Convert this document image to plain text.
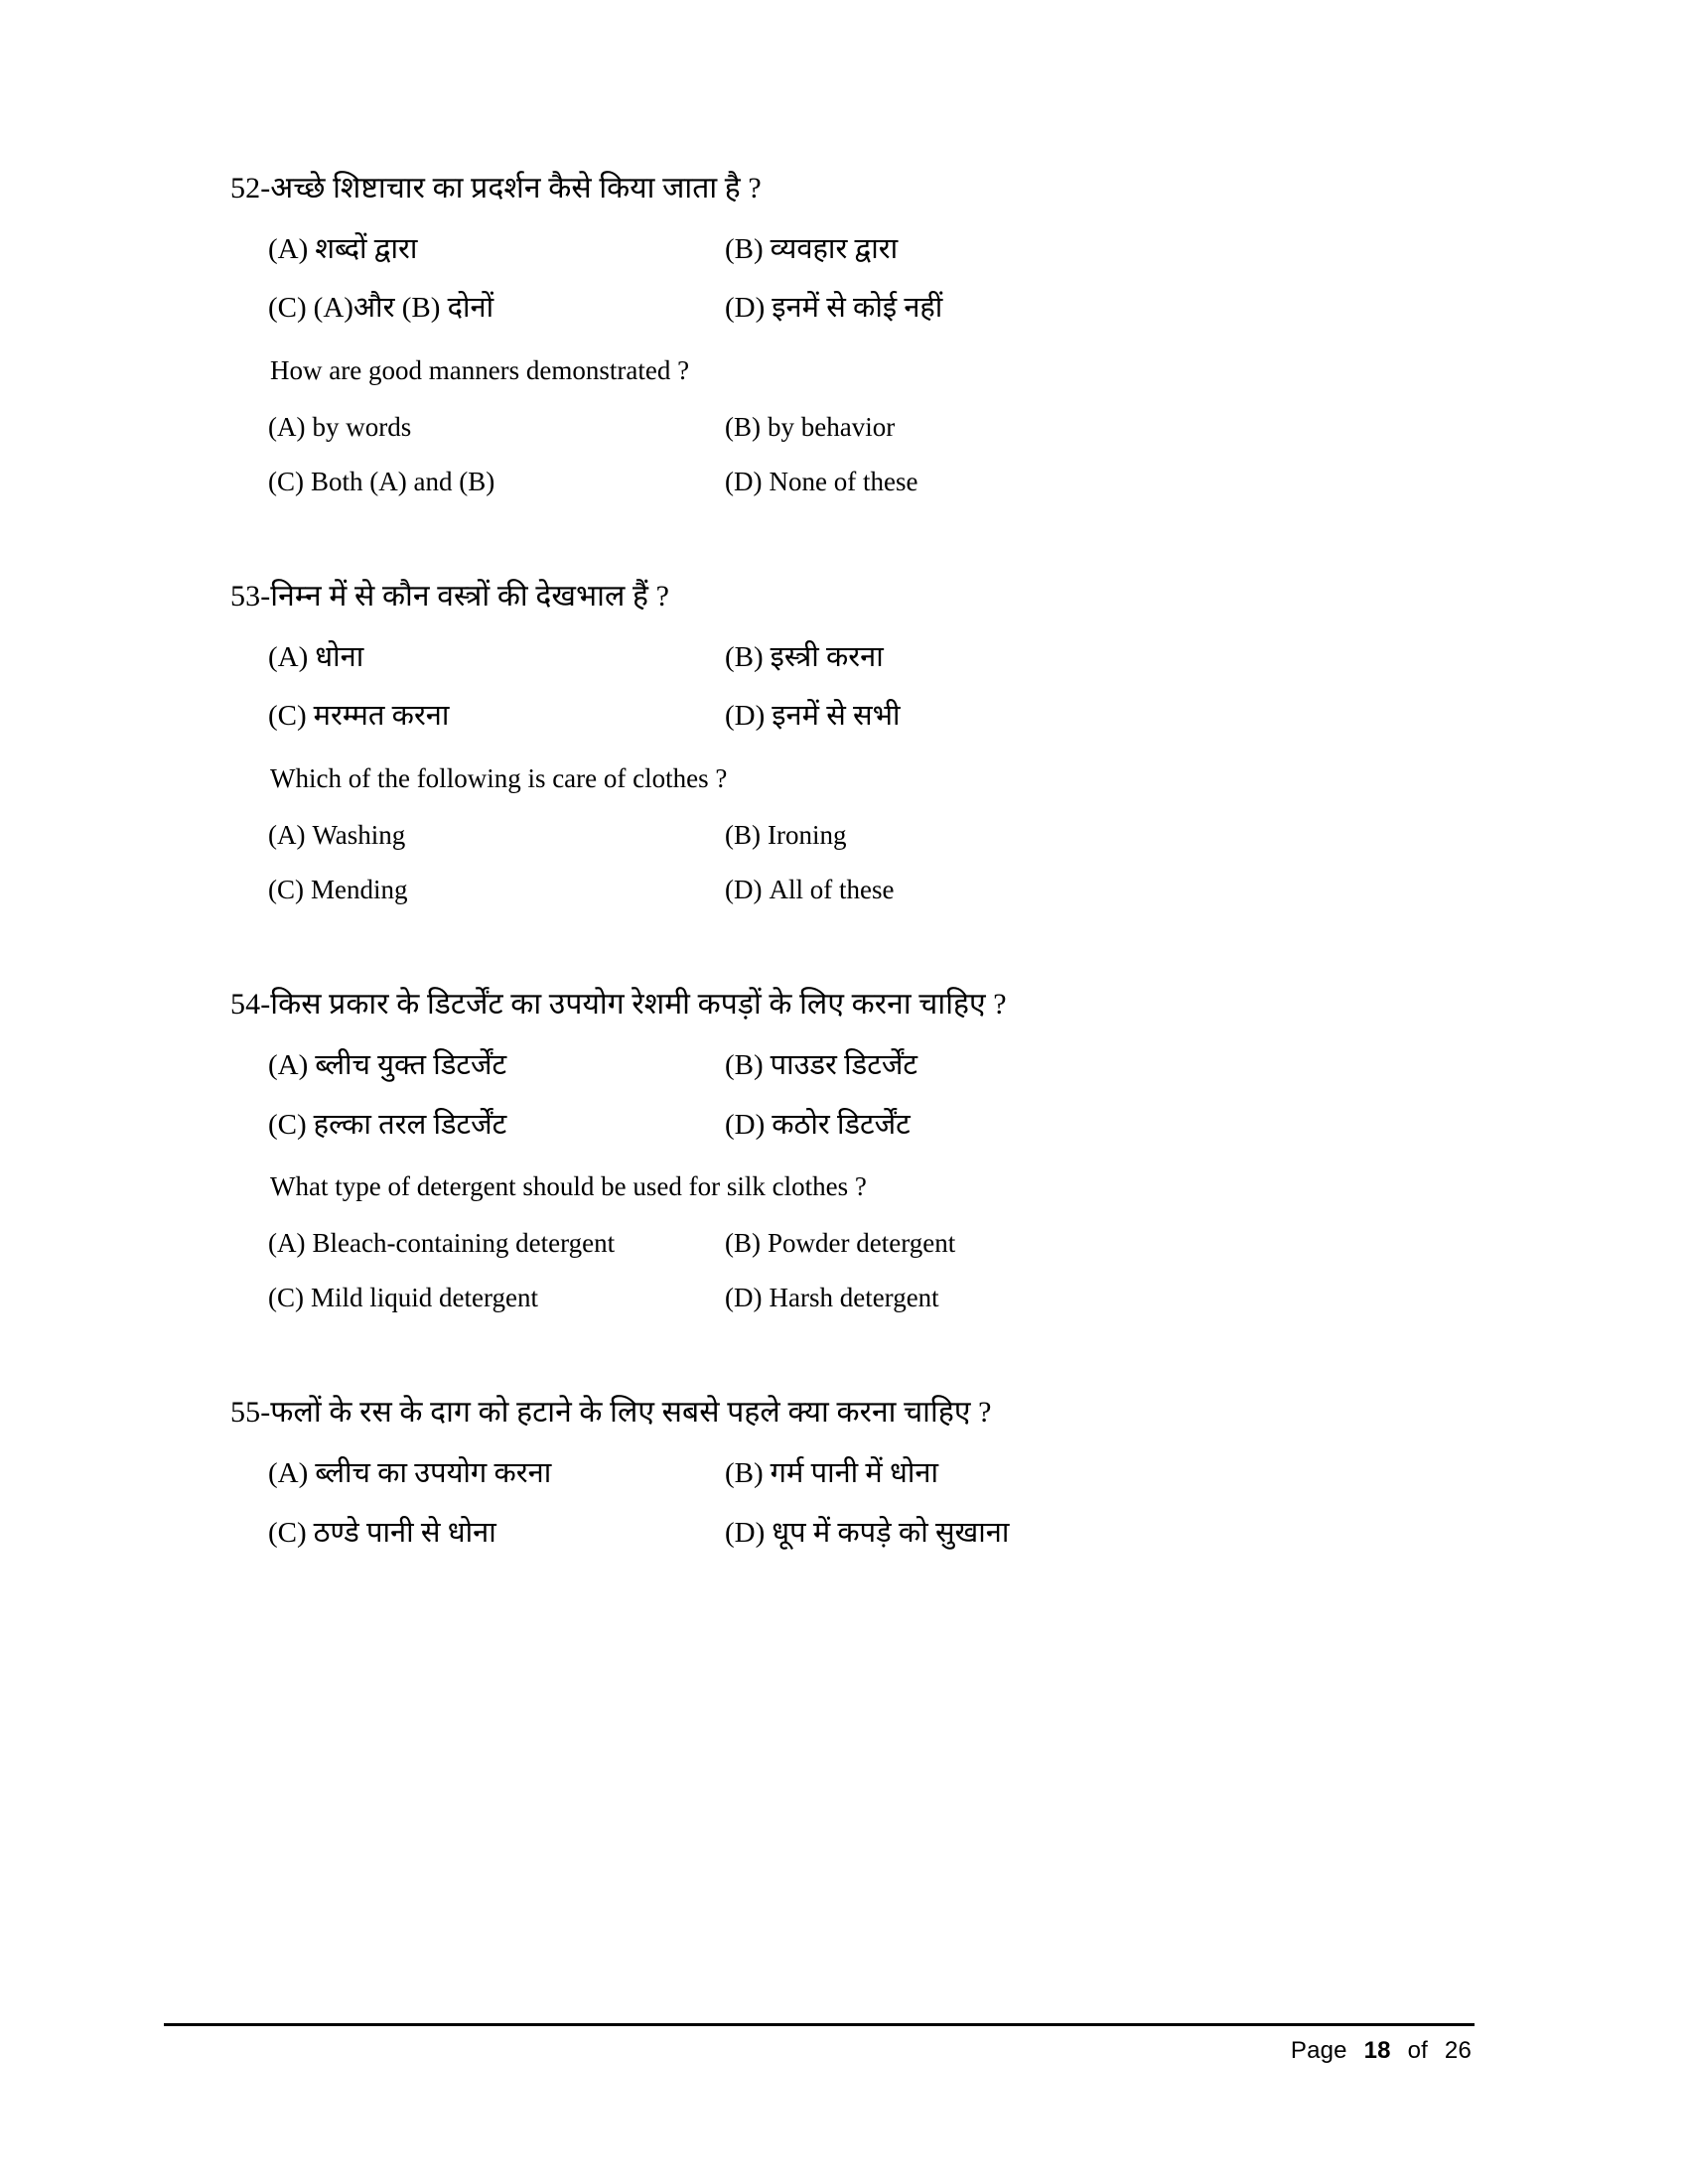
52-अच्छे शिष्टाचार का प्रदर्शन कैसे किया जाता है ?

(A) शब्दों द्वारा	(B) व्यवहार द्वारा
(C) (A)और (B) दोनों	(D) इनमें से कोई नहीं

How are good manners demonstrated ?

(A) by words	(B) by behavior
(C) Both (A) and (B)	(D) None of these

53-निम्न में से कौन वस्त्रों की देखभाल हैं ?

(A) धोना	(B) इस्त्री करना
(C) मरम्मत करना	(D) इनमें से सभी

Which of the following is care of clothes ?

(A) Washing	(B) Ironing
(C) Mending	(D) All of these

54-किस प्रकार के डिटर्जेंट का उपयोग रेशमी कपड़ों के लिए करना चाहिए ?

(A) ब्लीच युक्त डिटर्जेंट	(B) पाउडर डिटर्जेंट
(C) हल्का तरल डिटर्जेंट	(D) कठोर डिटर्जेंट

What type of detergent should be used for silk clothes ?

(A) Bleach-containing detergent	(B) Powder detergent
(C) Mild liquid detergent	(D) Harsh detergent

55-फलों के रस के दाग को हटाने के लिए सबसे पहले क्या करना चाहिए ?

(A) ब्लीच का उपयोग करना	(B) गर्म पानी में धोना
(C) ठण्डे पानी से धोना	(D) धूप में कपड़े को सुखाना
Page 18 of 26
